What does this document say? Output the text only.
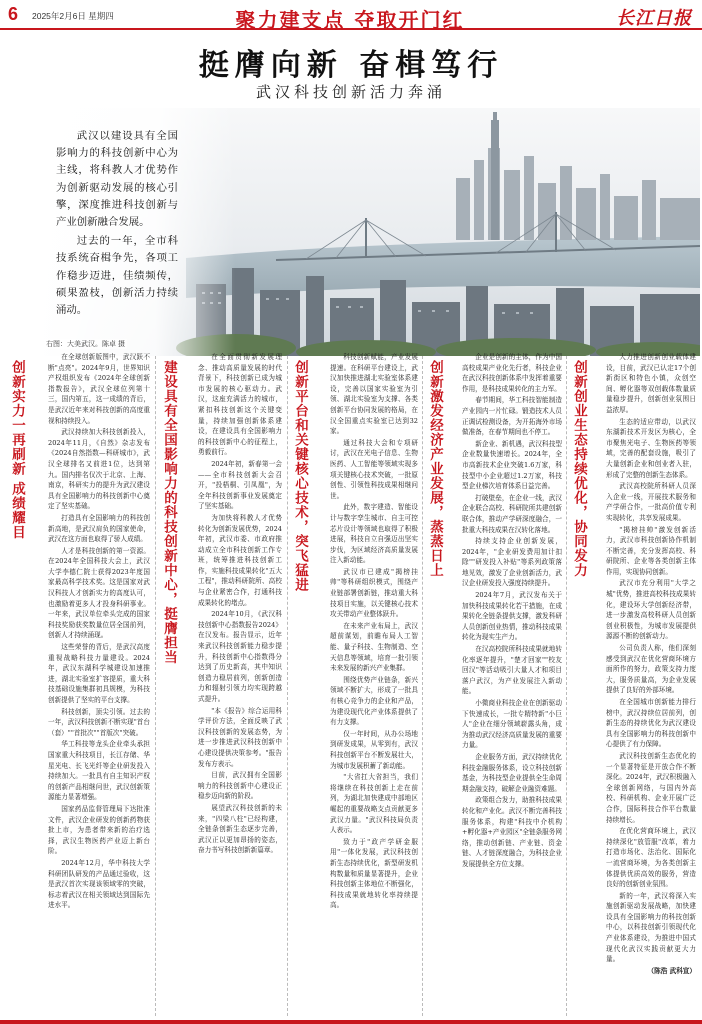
6 2025年2月6日 星期四	聚力建支点 夺取开门红	长江日报
挺膺向新 奋楫笃行
武汉科技创新活力奔涌
右图：大美武汉。陈卓 摄

武汉以建设具有全国影响力的科技创新中心为主线，将科教人才优势作为创新驱动发展的核心引擎，深度推进科技创新与产业创新融合发展。

过去的一年，全市科技系统奋楫争先，各项工作稳步迈进，佳绩频传，硕果盈枝，创新活力持续涌动。

创新实力一再刷新 成绩耀目

在全球创新版图中，武汉跃不断"点亮"。2024年9月，世界知识产权组织发布《2024年全球创新指数报告》，武汉全球位列第十三，国内第五，这一成绩的背后，是武汉近年来对科技创新的高度重视和持续投入。

武汉持续加大科技创新投入，2024年11月，《自然》杂志发布《2024自然指数—科研城市》，武汉全球排名又前进1位，达到第九。国内排名仅次于北京、上海、南京，科研实力的提升为武汉建设具有全国影响力的科技创新中心奠定了坚实基础。

打造具有全国影响力的科技创新高地，是武汉肩负的国家使命，武汉在这方面也取得了骄人成绩。

人才是科技创新的第一资源。在2024年全国科技大会上，武汉大学李德仁院士获得2023年度国家最高科学技术奖。这是国家对武汉科技人才创新实力的高度认可，也激励着更多人才投身科研事业。一年来，武汉单位牵头完成的国家科技奖励获奖数量位居全国前列，创新人才持续涌现。

这些荣誉的背后，是武汉高度重视战略科技力量建设。2024年，武汉东湖科学城建设加速推进，湖北实验室扩容提质，重大科技基础设施集群初具规模，为科技创新提供了坚实的平台支撑。

科技创新，顶尖引领。过去的一年，武汉科技创新不断实现"首台（套）""首批次""首版次"突破。

华工科技等龙头企业牵头承担国家重大科技项目，长江存储、华星光电、长飞光纤等企业研发投入持续加大。一批具有自主知识产权的创新产品相继问世，武汉创新策源能力显著增强。

国家药品监督管理局下达批准文件，武汉企业研发的创新药物获批上市，为患者带来新的治疗选择，武汉生物医药产业迈上新台阶。

2024年12月，华中科技大学科研团队研发的产品通过验收，这是武汉首次实现该领域零的突破，标志着武汉在相关领域达到国际先进水平。

建设具有全国影响力的科技创新中心，挺膺担当

在全面贯彻新发展理念、推动高质量发展的时代背景下，科技创新已成为城市发展的核心驱动力。武汉，这座充满活力的城市，紧扣科技创新这个关键变量，持续加强创新体系建设，在建设具有全国影响力的科技创新中心的征程上，勇毅前行。

2024年初，新春第一会——全市科技创新大会召开，"投梧桐、引凤凰"，为全年科技创新事业发展奠定了坚实基础。

为加快将科教人才优势转化为创新发展优势，2024年初，武汉市委、市政府推动成立全市科技创新工作专班，统筹推进科技创新工作，实施科技成果转化"五大工程"，推动科研院所、高校与企业紧密合作，打通科技成果转化的堵点。

2024年10月，《武汉科技创新中心指数报告2024》在汉发布。报告显示，近年来武汉科技创新能力稳步提升，科技创新中心指数得分达到了历史新高，其中知识创造力稳居前列，创新创造力和辐射引领力均实现跨越式提升。

"本《报告》综合运用科学评价方法，全面反映了武汉科技创新的发展态势，为进一步推进武汉科技创新中心建设提供决策参考。"报告发布方表示。

目前，武汉拥有全国影响力的科技创新中心建设正稳步迈向新的阶段。

展望武汉科技创新的未来，"四梁八柱"已经构建，全链条创新生态逐步完善，武汉正以更加昂扬的姿态，奋力书写科技创新新篇章。

创新平台和关键核心技术，突飞猛进

科技创新赋能，产业发展提速。在科研平台建设上，武汉加快推进湖北实验室体系建设，完善以国家实验室为引领、湖北实验室为支撑、各类创新平台协同发展的格局，在汉全国重点实验室已达到32家。

通过科技大会和专项研讨，武汉在光电子信息、生物医药、人工智能等领域实现多项关键核心技术突破，一批原创性、引领性科技成果相继问世。

此外，数字建造、智能设计与数字孪生城市、自主可控芯片设计等领域也取得了积极进展，科技自立自强迈出坚实步伐，为区域经济高质量发展注入新动能。

武汉市已建成"揭榜挂帅"等科研组织模式，围绕产业链部署创新链，推动重大科技项目实施，以关键核心技术攻关带动产业整体跃升。

在未来产业布局上，武汉超前谋划，前瞻布局人工智能、量子科技、生物制造、空天信息等领域，培育一批引领未来发展的新兴产业集群。

围绕优势产业链条，新兴领域不断扩大，形成了一批具有核心竞争力的企业和产品，为建设现代化产业体系提供了有力支撑。

仅一年时间，从办公场地到研发成果，从零到有，武汉科技创新平台不断发展壮大，为城市发展积蓄了新动能。

"大省扛大省担当，我们将继续在科技创新上走在前列，为湖北加快建成中部地区崛起的重要战略支点贡献更多武汉力量。"武汉科技局负责人表示。

致力于"政产学研金服用"一体化发展，武汉科技创新生态持续优化，新型研发机构数量和质量显著提升，企业科技创新主体地位不断强化，科技成果就地转化率持续提高。

创新激发经济产业发展，蒸蒸日上

企业是创新的主体，作为中国高校成果产业化先行者，科技企业在武汉科技创新体系中发挥着重要作用，是科技成果转化的主力军。

春节期间，华工科技智能制造产业园内一片忙碌。锻造技术人员正调试检测设备，为开拓海外市场做准备，在春节期间也不停工。

新企业、新机遇，武汉科技型企业数量快速增长。2024年，全市高新技术企业突破1.6万家，科技型中小企业超过1.2万家，科技型企业梯次培育体系日益完善。

打破壁垒，在企业一线，武汉企业联合高校、科研院所共建创新联合体，推动产学研深度融合，一批重大科技成果在汉转化落地。

持续支持企业创新发展，2024年，"企业研发费用加计扣除""研发投入补贴"等系列政策落地见效，激发了企业创新活力，武汉企业研发投入强度持续提升。

2024年7月，武汉发布关于加快科技成果转化若干措施，在成果转化全链条提供支撑，激发科研人员创新创业热情，推动科技成果转化为现实生产力。

在汉高校院所科技成果就地转化率逐年提升，"楚才回家""校友回汉"等活动吸引大量人才和项目落户武汉，为产业发展注入新动能。

小微商业科技企业在创新驱动下快速成长，一批专精特新"小巨人"企业在细分领域崭露头角，成为推动武汉经济高质量发展的重要力量。

企业服务方面，武汉持续优化科技金融服务体系，设立科技创新基金，为科技型企业提供全生命周期金融支持，破解企业融资难题。

政策组合发力，助推科技成果转化和产业化。武汉不断完善科技服务体系，构建"科技中介机构+孵化器+产业园区"全链条服务网络，推动创新链、产业链、资金链、人才链深度融合，为科技企业发展提供全方位支撑。

创新创业生态持续优化，协同发力

大力推进创新创业载体建设，目前，武汉已认定17个创新街区和特色小镇，众创空间、孵化器等双创载体数量质量稳步提升，创新创业氛围日益浓厚。

生态的适应带动，以武汉东湖新技术开发区为核心，全市聚焦光电子、生物医药等领域，完善的配套设施，吸引了大量创新企业和创业者入驻，形成了完整的创新生态体系。

武汉高校院所科研人员深入企业一线，开展技术服务和产学研合作，一批高价值专利实现转化，共享发展成果。

"揭榜挂帅"激发创新活力，武汉市科技创新协作机制不断完善，充分发挥高校、科研院所、企业等各类创新主体作用，实现协同创新。

武汉市充分利用"大学之城"优势，推进高校科技成果转化，建设环大学创新经济带，进一步激发高校科研人员创新创业积极性，为城市发展提供源源不断的创新动力。

公司负责人称，他们深刻感受到武汉在优化营商环境方面所作的努力，政策支持力度大，服务质量高，为企业发展提供了良好的外部环境。

在全国城市创新能力排行榜中，武汉持续位居前列，创新生态的持续优化为武汉建设具有全国影响力的科技创新中心提供了有力保障。

武汉科技创新生态优化的一个显著特征是开放合作不断深化。2024年，武汉积极融入全球创新网络，与国内外高校、科研机构、企业开展广泛合作，国际科技合作平台数量持续增长。

在优化营商环境上，武汉持续深化"放管服"改革，着力打造市场化、法治化、国际化一流营商环境，为各类创新主体提供优质高效的服务，营造良好的创新创业氛围。

新的一年，武汉将深入实施创新驱动发展战略，加快建设具有全国影响力的科技创新中心，以科技创新引领现代化产业体系建设，为推进中国式现代化武汉实践贡献更大力量。

（陈浩 武科宣）
